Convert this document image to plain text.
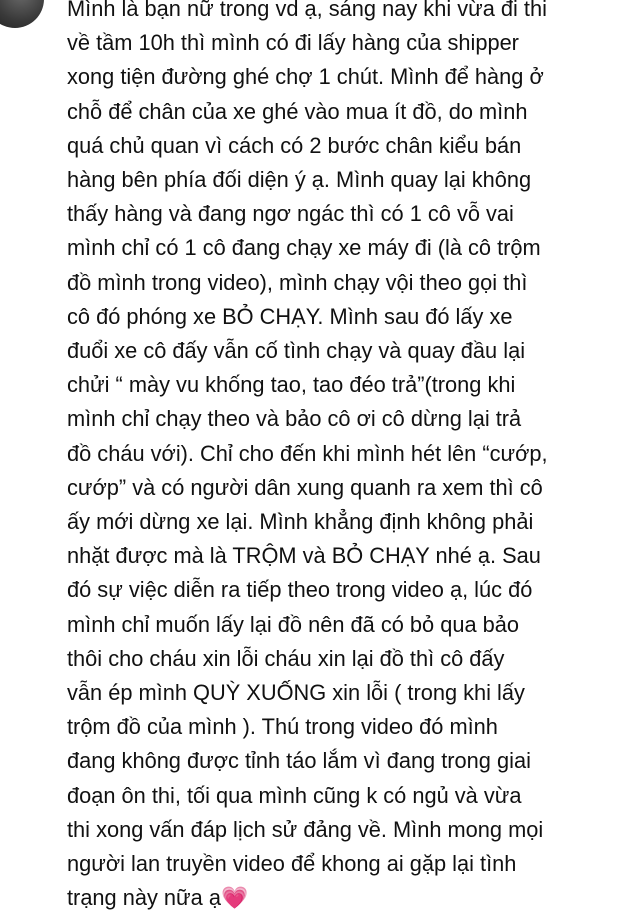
Mình là bạn nữ trong vd ạ, sáng nay khi vừa đi thi
về tầm 10h thì mình có đi lấy hàng của shipper
xong tiện đường ghé chợ 1 chút. Mình để hàng ở
chỗ để chân của xe ghé vào mua ít đồ, do mình
quá chủ quan vì cách có 2 bước chân kiểu bán
hàng bên phía đối diện ý ạ. Mình quay lại không
thấy hàng và đang ngơ ngác thì có 1 cô vỗ vai
mình chỉ có 1 cô đang chạy xe máy đi (là cô trộm
đồ mình trong video), mình chạy vội theo gọi thì
cô đó phóng xe BỎ CHẠY. Mình sau đó lấy xe
đuổi xe cô đấy vẫn cố tình chạy và quay đầu lại
chửi “ mày vu khống tao, tao đéo trả”(trong khi
mình chỉ chạy theo và bảo cô ơi cô dừng lại trả
đồ cháu với). Chỉ cho đến khi mình hét lên “cướp,
cướp” và có người dân xung quanh ra xem thì cô
ấy mới dừng xe lại. Mình khẳng định không phải
nhặt được mà là TRỘM và BỎ CHẠY nhé ạ. Sau
đó sự việc diễn ra tiếp theo trong video ạ, lúc đó
mình chỉ muốn lấy lại đồ nên đã có bỏ qua bảo
thôi cho cháu xin lỗi cháu xin lại đồ thì cô đấy
vẫn ép mình QUỲ XUỐNG xin lỗi ( trong khi lấy
trộm đồ của mình ). Thú trong video đó mình
đang không được tỉnh táo lắm vì đang trong giai
đoạn ôn thi, tối qua mình cũng k có ngủ và vừa
thi xong vấn đáp lịch sử đảng về. Mình mong mọi
người lan truyền video để khong ai gặp lại tình
trạng này nữa ạ💗
